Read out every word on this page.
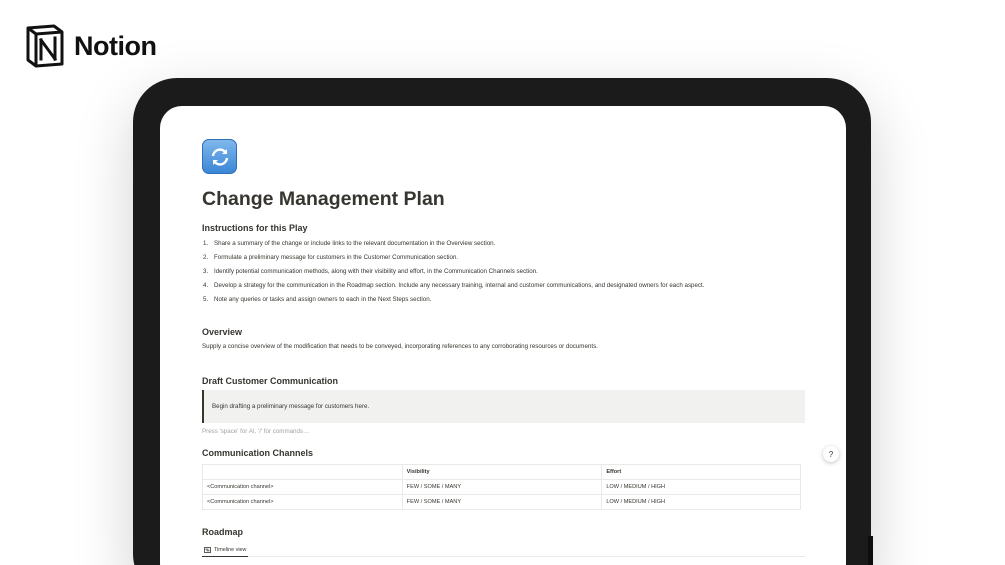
Notion
Change Management Plan
Instructions for this Play
1. Share a summary of the change or include links to the relevant documentation in the Overview section.
2. Formulate a preliminary message for customers in the Customer Communication section.
3. Identify potential communication methods, along with their visibility and effort, in the Communication Channels section.
4. Develop a strategy for the communication in the Roadmap section. Include any necessary training, internal and customer communications, and designated owners for each aspect.
5. Note any queries or tasks and assign owners to each in the Next Steps section.
Overview
Supply a concise overview of the modification that needs to be conveyed, incorporating references to any corroborating resources or documents.
Draft Customer Communication
Begin drafting a preliminary message for customers here.
Press 'space' for AI, '/' for commands…
Communication Channels
	Visibility	Effort
<Communication channel>	FEW / SOME / MANY	LOW / MEDIUM / HIGH
<Communication channel>	FEW / SOME / MANY	LOW / MEDIUM / HIGH
Roadmap
Timeline view
?
